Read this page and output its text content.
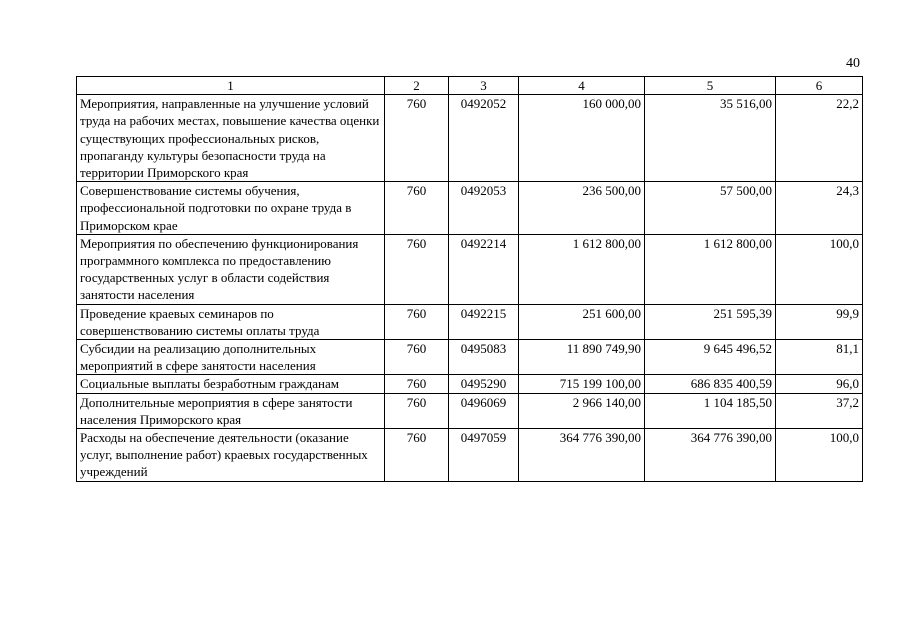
40
1	2	3	4	5	6
Мероприятия, направленные на улучшение условий труда на рабочих местах, повышение качества оценки существующих профессиональных рисков, пропаганду культуры безопасности труда на территории Приморского края	760	0492052	160 000,00	35 516,00	22,2
Совершенствование системы обучения, профессиональной подготовки по охране труда в Приморском крае	760	0492053	236 500,00	57 500,00	24,3
Мероприятия по обеспечению функционирования программного комплекса по предоставлению государственных услуг в области содействия занятости населения	760	0492214	1 612 800,00	1 612 800,00	100,0
Проведение краевых семинаров по совершенствованию системы оплаты труда	760	0492215	251 600,00	251 595,39	99,9
Субсидии на реализацию дополнительных мероприятий в сфере занятости населения	760	0495083	11 890 749,90	9 645 496,52	81,1
Социальные выплаты безработным гражданам	760	0495290	715 199 100,00	686 835 400,59	96,0
Дополнительные мероприятия в сфере занятости населения Приморского края	760	0496069	2 966 140,00	1 104 185,50	37,2
Расходы на обеспечение деятельности (оказание услуг, выполнение работ) краевых государственных учреждений	760	0497059	364 776 390,00	364 776 390,00	100,0
